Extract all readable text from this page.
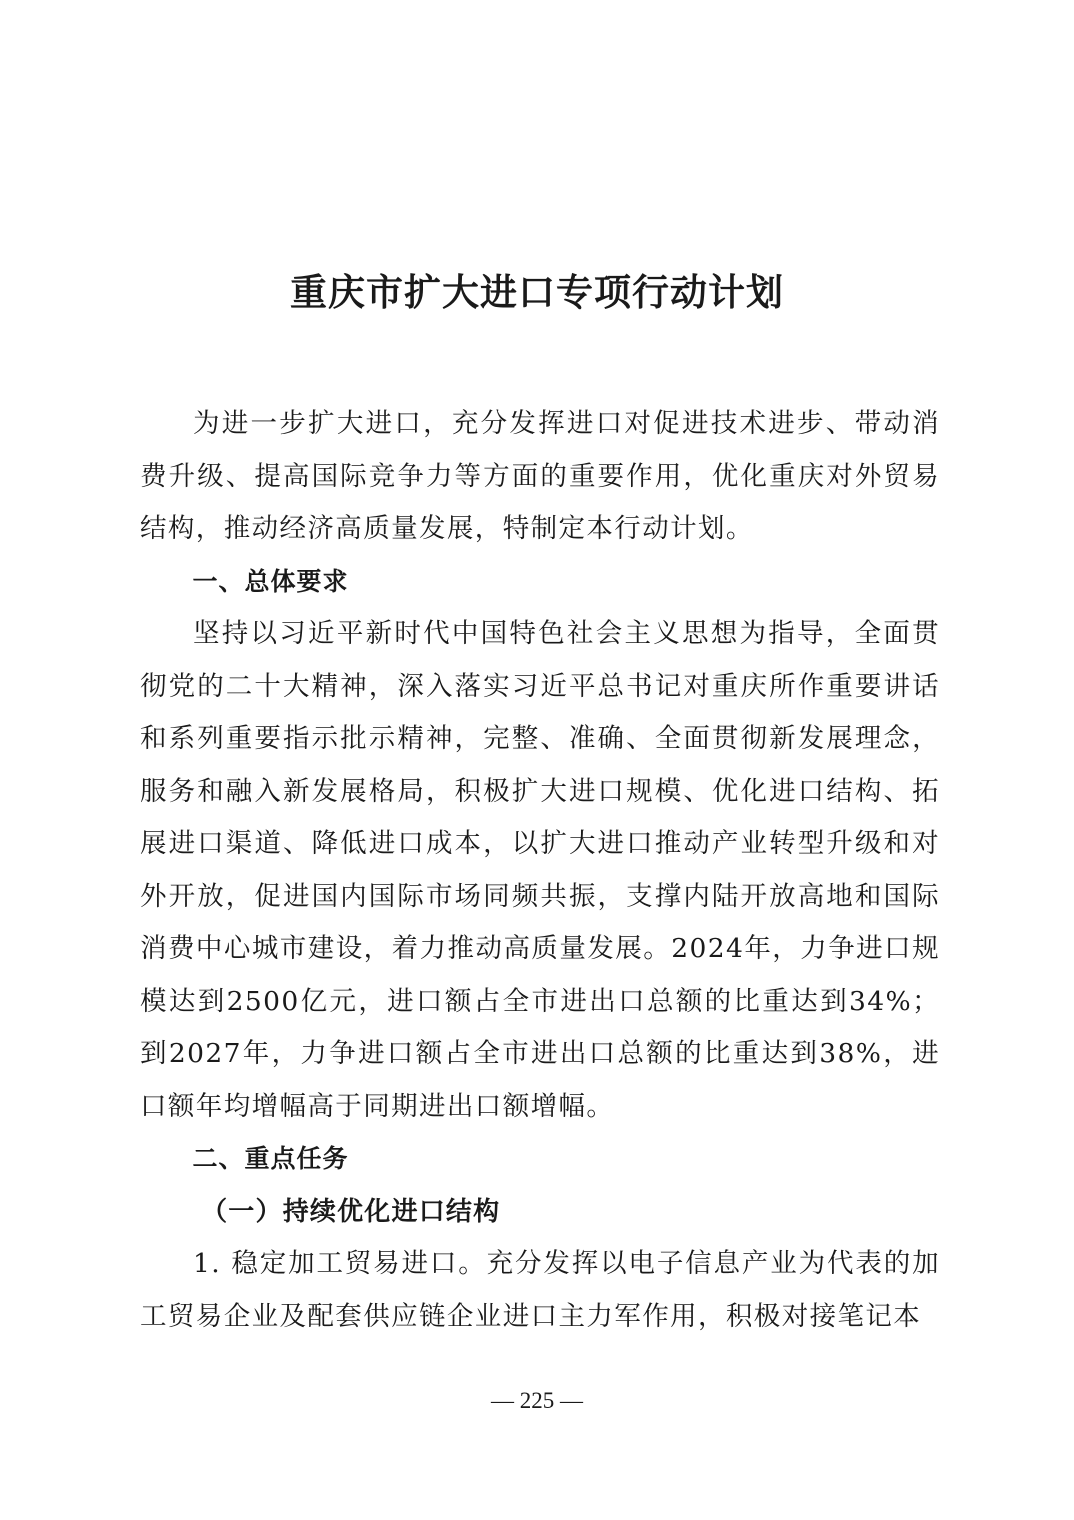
重庆市扩大进口专项行动计划

为进一步扩大进口，充分发挥进口对促进技术进步、带动消费升级、提高国际竞争力等方面的重要作用，优化重庆对外贸易结构，推动经济高质量发展，特制定本行动计划。

一、总体要求

坚持以习近平新时代中国特色社会主义思想为指导，全面贯彻党的二十大精神，深入落实习近平总书记对重庆所作重要讲话和系列重要指示批示精神，完整、准确、全面贯彻新发展理念，服务和融入新发展格局，积极扩大进口规模、优化进口结构、拓展进口渠道、降低进口成本，以扩大进口推动产业转型升级和对外开放，促进国内国际市场同频共振，支撑内陆开放高地和国际消费中心城市建设，着力推动高质量发展。2024年，力争进口规模达到2500亿元，进口额占全市进出口总额的比重达到34%；到2027年，力争进口额占全市进出口总额的比重达到38%，进口额年均增幅高于同期进出口额增幅。

二、重点任务

（一）持续优化进口结构

1. 稳定加工贸易进口。充分发挥以电子信息产业为代表的加工贸易企业及配套供应链企业进口主力军作用，积极对接笔记本

— 225 —
